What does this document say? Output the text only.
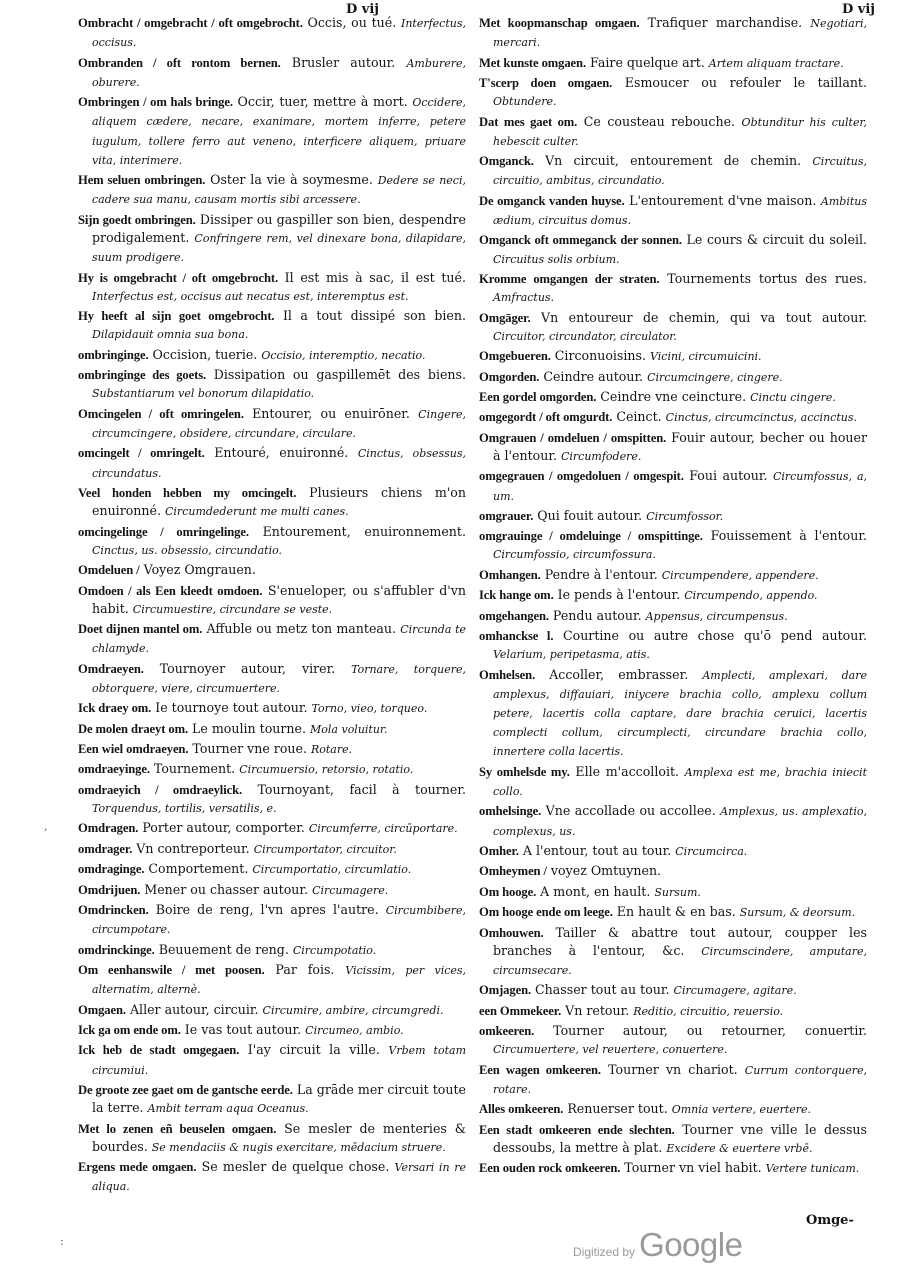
D vij	D vij

Ombracht / omgebracht / oft omgebrocht. Occis, ou tué. Interfectus, occisus.

Ombranden / oft rontom bernen. Brusler autour. Amburere, oburere.

Ombringen / om hals bringe. Occir, tuer, mettre à mort. Occidere, aliquem cædere, necare, exanimare, mortem inferre, petere iugulum, tollere ferro aut veneno, interficere aliquem, priuare vita, interimere.

Hem seluen ombringen. Oster la vie à soymesme. Dedere se neci, cadere sua manu, causam mortis sibi arcessere.

Sijn goedt ombringen. Dissiper ou gaspiller son bien, despendre prodigalement. Confringere rem, vel dinexare bona, dilapidare, suum prodigere.

Hy is omgebracht / oft omgebrocht. Il est mis à sac, il est tué. Interfectus est, occisus aut necatus est, interemptus est.

Hy heeft al sijn goet omgebrocht. Il a tout dissipé son bien. Dilapidauit omnia sua bona.

ombringinge. Occision, tuerie. Occisio, interemptio, necatio.

ombringinge des goets. Dissipation ou gaspillemēt des biens. Substantiarum vel bonorum dilapidatio.

Omcingelen / oft omringelen. Entourer, ou enuirōner. Cingere, circumcingere, obsidere, circundare, circulare.

omcingelt / omringelt. Entouré, enuironné. Cinctus, obsessus, circundatus.

Veel honden hebben my omcingelt. Plusieurs chiens m'on enuironné. Circumdederunt me multi canes.

omcingelinge / omringelinge. Entourement, enuironnement. Cinctus, us. obsessio, circundatio.

Omdeluen / Voyez Omgrauen.

Omdoen / als Een kleedt omdoen. S'enueloper, ou s'affubler d'vn habit. Circumuestire, circundare se veste.

Doet dijnen mantel om. Affuble ou metz ton manteau. Circunda te chlamyde.

Omdraeyen. Tournoyer autour, virer. Tornare, torquere, obtorquere, viere, circumuertere.

Ick draey om. Ie tournoye tout autour. Torno, vieo, torqueo.

De molen draeyt om. Le moulin tourne. Mola voluitur.

Een wiel omdraeyen. Tourner vne roue. Rotare.

omdraeyinge. Tournement. Circumuersio, retorsio, rotatio.

omdraeyich / omdraeylick. Tournoyant, facil à tourner. Torquendus, tortilis, versatilis, e.

Omdragen. Porter autour, comporter. Circumferre, circūportare.

omdrager. Vn contreporteur. Circumportator, circuitor.

omdraginge. Comportement. Circumportatio, circumlatio.

Omdrijuen. Mener ou chasser autour. Circumagere.

Omdrincken. Boire de reng, l'vn apres l'autre. Circumbibere, circumpotare.

omdrinckinge. Beuuement de reng. Circumpotatio.

Om eenhanswile / met poosen. Par fois. Vicissim, per vices, alternatim, alternè.

Omgaen. Aller autour, circuir. Circumire, ambire, circumgredi.

Ick ga om ende om. Ie vas tout autour. Circumeo, ambio.

Ick heb de stadt omgegaen. I'ay circuit la ville. Vrbem totam circumiui.

De groote zee gaet om de gantsche eerde. La grāde mer circuit toute la terre. Ambit terram aqua Oceanus.

Met lo zenen eñ beuselen omgaen. Se mesler de menteries & bourdes. Se mendaciis & nugis exercitare, mēdacium struere.

Ergens mede omgaen. Se mesler de quelque chose. Versari in re aliqua.

Met koopmanschap omgaen. Trafiquer marchandise. Negotiari, mercari.

Met kunste omgaen. Faire quelque art. Artem aliquam tractare.

T'scerp doen omgaen. Esmoucer ou refouler le taillant. Obtundere.

Dat mes gaet om. Ce cousteau rebouche. Obtunditur his culter, hebescit culter.

Omganck. Vn circuit, entourement de chemin. Circuitus, circuitio, ambitus, circundatio.

De omganck vanden huyse. L'entourement d'vne maison. Ambitus ædium, circuitus domus.

Omganck oft ommeganck der sonnen. Le cours & circuit du soleil. Circuitus solis orbium.

Kromme omgangen der straten. Tournements tortus des rues. Amfractus.

Omgāger. Vn entoureur de chemin, qui va tout autour. Circuitor, circundator, circulator.

Omgebueren. Circonuoisins. Vicini, circumuicini.

Omgorden. Ceindre autour. Circumcingere, cingere.

Een gordel omgorden. Ceindre vne ceincture. Cinctu cingere.

omgegordt / oft omgurdt. Ceinct. Cinctus, circumcinctus, accinctus.

Omgrauen / omdeluen / omspitten. Fouir autour, becher ou houer à l'entour. Circumfodere.

omgegrauen / omgedoluen / omgespit. Foui autour. Circumfossus, a, um.

omgrauer. Qui fouit autour. Circumfossor.

omgrauinge / omdeluinge / omspittinge. Fouissement à l'entour. Circumfossio, circumfossura.

Omhangen. Pendre à l'entour. Circumpendere, appendere.

Ick hange om. Ie pends à l'entour. Circumpendo, appendo.

omgehangen. Pendu autour. Appensus, circumpensus.

omhanckse l. Courtine ou autre chose qu'ō pend autour. Velarium, peripetasma, atis.

Omhelsen. Accoller, embrasser. Amplecti, amplexari, dare amplexus, diffauiari, iniycere brachia collo, amplexu collum petere, lacertis colla captare, dare brachia ceruici, lacertis complecti collum, circumplecti, circundare brachia collo, innertere colla lacertis.

Sy omhelsde my. Elle m'accolloit. Amplexa est me, brachia iniecit collo.

omhelsinge. Vne accollade ou accollee. Amplexus, us. amplexatio, complexus, us.

Omher. A l'entour, tout au tour. Circumcirca.

Omheymen / voyez Omtuynen.

Om hooge. A mont, en hault. Sursum.

Om hooge ende om leege. En hault & en bas. Sursum, & deorsum.

Omhouwen. Tailler & abattre tout autour, coupper les branches à l'entour, &c. Circumscindere, amputare, circumsecare.

Omjagen. Chasser tout au tour. Circumagere, agitare.

een Ommekeer. Vn retour. Reditio, circuitio, reuersio.

omkeeren. Tourner autour, ou retourner, conuertir. Circumuertere, vel reuertere, conuertere.

Een wagen omkeeren. Tourner vn chariot. Currum contorquere, rotare.

Alles omkeeren. Renuerser tout. Omnia vertere, euertere.

Een stadt omkeeren ende slechten. Tourner vne ville le dessus dessoubs, la mettre à plat. Excidere & euertere vrbē.

Een ouden rock omkeeren. Tourner vn viel habit. Vertere tunicam.

Omge-
Digitized by Google
,
:
